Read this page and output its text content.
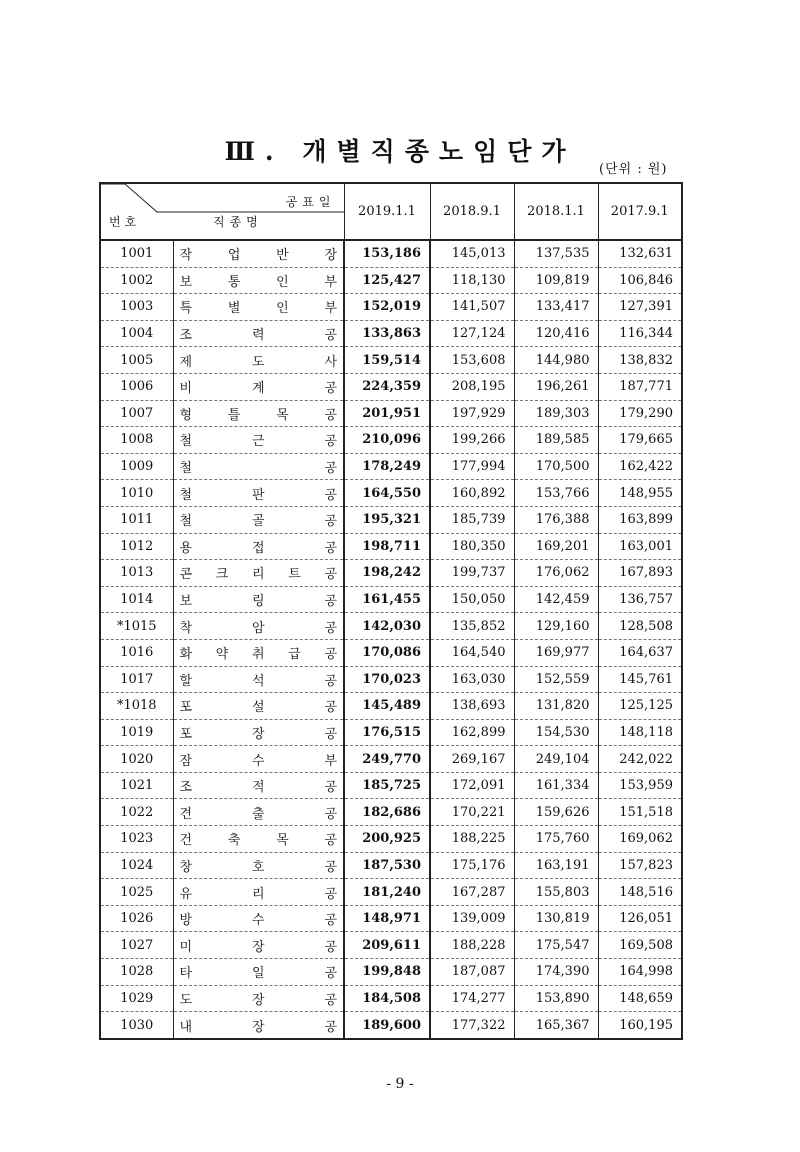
Ⅲ. 개별직종노임단가
(단위 : 원)
공표일
번호 직종명		2019.1.1	2018.9.1	2018.1.1	2017.9.1
1001	작 업 반 장	153,186	145,013	137,535	132,631
1002	보 통 인 부	125,427	118,130	109,819	106,846
1003	특 별 인 부	152,019	141,507	133,417	127,391
1004	조 력 공	133,863	127,124	120,416	116,344
1005	제 도 사	159,514	153,608	144,980	138,832
1006	비 계 공	224,359	208,195	196,261	187,771
1007	형 틀 목 공	201,951	197,929	189,303	179,290
1008	철 근 공	210,096	199,266	189,585	179,665
1009	철 공	178,249	177,994	170,500	162,422
1010	철 판 공	164,550	160,892	153,766	148,955
1011	철 골 공	195,321	185,739	176,388	163,899
1012	용 접 공	198,711	180,350	169,201	163,001
1013	콘 크 리 트 공	198,242	199,737	176,062	167,893
1014	보 링 공	161,455	150,050	142,459	136,757
*1015	착 암 공	142,030	135,852	129,160	128,508
1016	화 약 취 급 공	170,086	164,540	169,977	164,637
1017	할 석 공	170,023	163,030	152,559	145,761
*1018	포 설 공	145,489	138,693	131,820	125,125
1019	포 장 공	176,515	162,899	154,530	148,118
1020	잠 수 부	249,770	269,167	249,104	242,022
1021	조 적 공	185,725	172,091	161,334	153,959
1022	견 출 공	182,686	170,221	159,626	151,518
1023	건 축 목 공	200,925	188,225	175,760	169,062
1024	창 호 공	187,530	175,176	163,191	157,823
1025	유 리 공	181,240	167,287	155,803	148,516
1026	방 수 공	148,971	139,009	130,819	126,051
1027	미 장 공	209,611	188,228	175,547	169,508
1028	타 일 공	199,848	187,087	174,390	164,998
1029	도 장 공	184,508	174,277	153,890	148,659
1030	내 장 공	189,600	177,322	165,367	160,195
- 9 -
